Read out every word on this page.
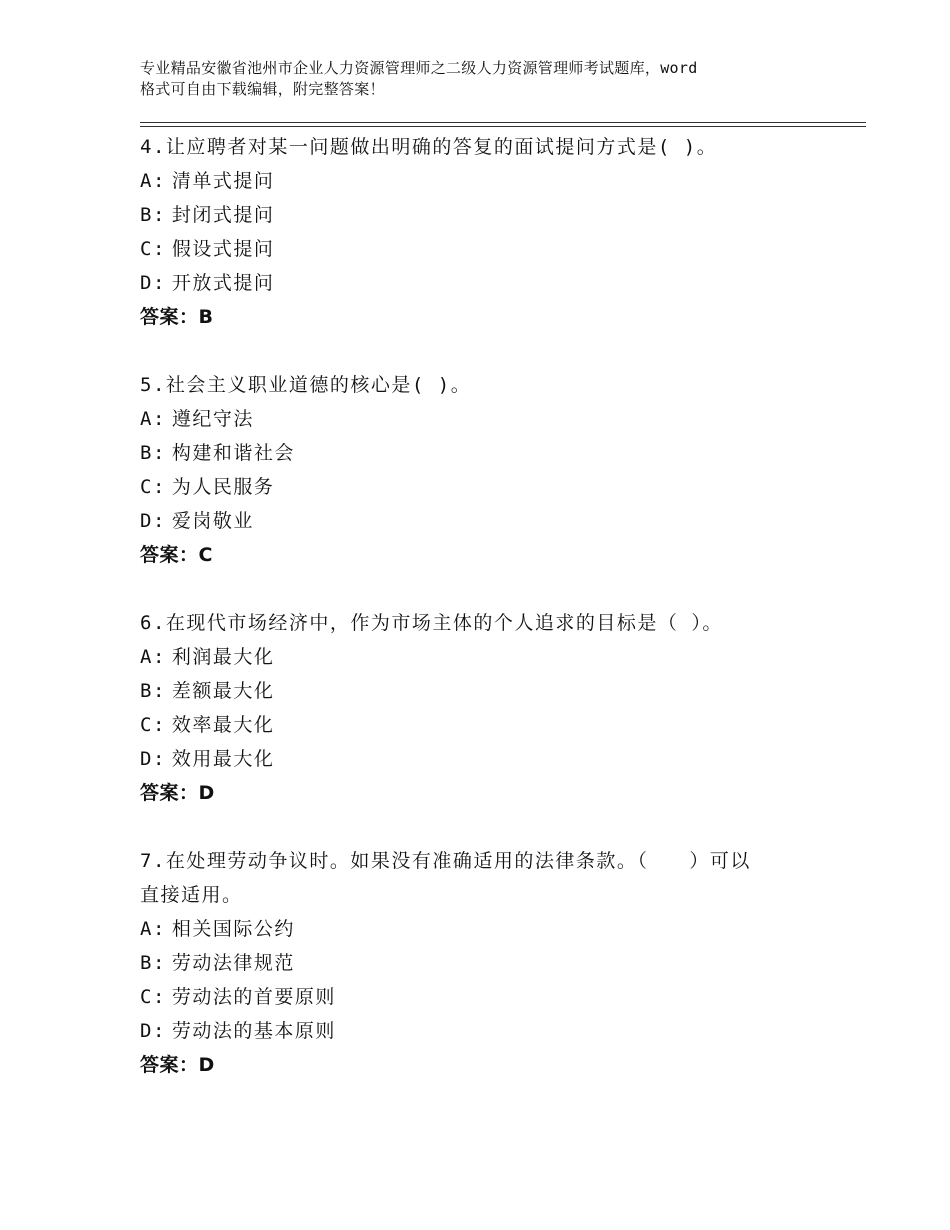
专业精品安徽省池州市企业人力资源管理师之二级人力资源管理师考试题库，word
格式可自由下载编辑，附完整答案！
4.让应聘者对某一问题做出明确的答复的面试提问方式是( )。
A: 清单式提问
B: 封闭式提问
C: 假设式提问
D: 开放式提问
答案：B
5.社会主义职业道德的核心是( )。
A: 遵纪守法
B: 构建和谐社会
C: 为人民服务
D: 爱岗敬业
答案：C
6.在现代市场经济中，作为市场主体的个人追求的目标是（ ）。
A: 利润最大化
B: 差额最大化
C: 效率最大化
D: 效用最大化
答案：D
7.在处理劳动争议时。如果没有准确适用的法律条款。（　　）可以
直接适用。
A: 相关国际公约
B: 劳动法律规范
C: 劳动法的首要原则
D: 劳动法的基本原则
答案：D
